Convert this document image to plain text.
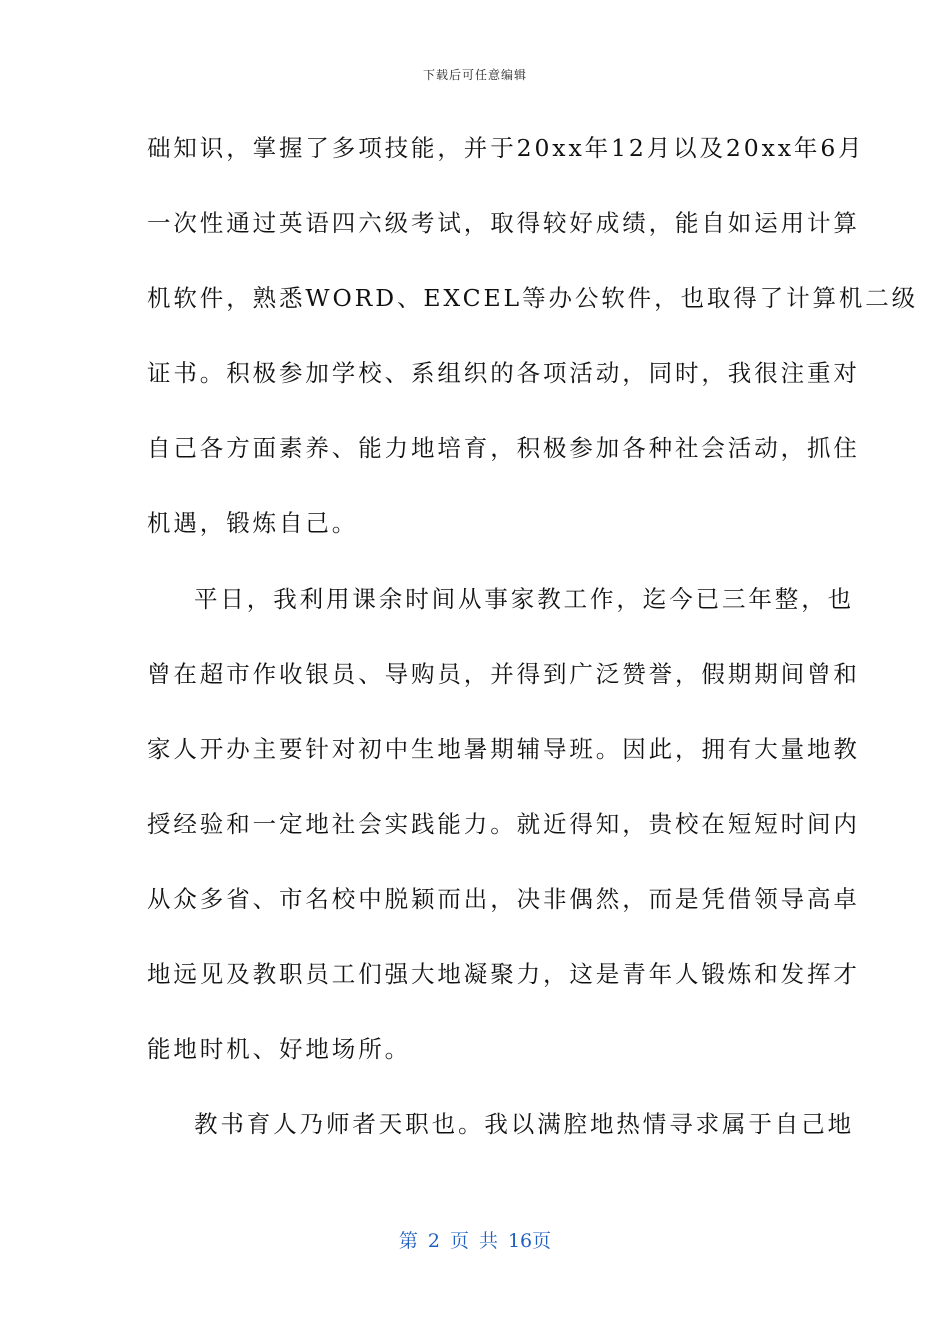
下载后可任意编辑
础知识，掌握了多项技能，并于20xx年12月以及20xx年6月
一次性通过英语四六级考试，取得较好成绩，能自如运用计算
机软件，熟悉WORD、EXCEL等办公软件，也取得了计算机二级
证书。积极参加学校、系组织的各项活动，同时，我很注重对
自己各方面素养、能力地培育，积极参加各种社会活动，抓住
机遇，锻炼自己。
平日，我利用课余时间从事家教工作，迄今已三年整，也
曾在超市作收银员、导购员，并得到广泛赞誉，假期期间曾和
家人开办主要针对初中生地暑期辅导班。因此，拥有大量地教
授经验和一定地社会实践能力。就近得知，贵校在短短时间内
从众多省、市名校中脱颖而出，决非偶然，而是凭借领导高卓
地远见及教职员工们强大地凝聚力，这是青年人锻炼和发挥才
能地时机、好地场所。
教书育人乃师者天职也。我以满腔地热情寻求属于自己地
第 2 页 共 16页
